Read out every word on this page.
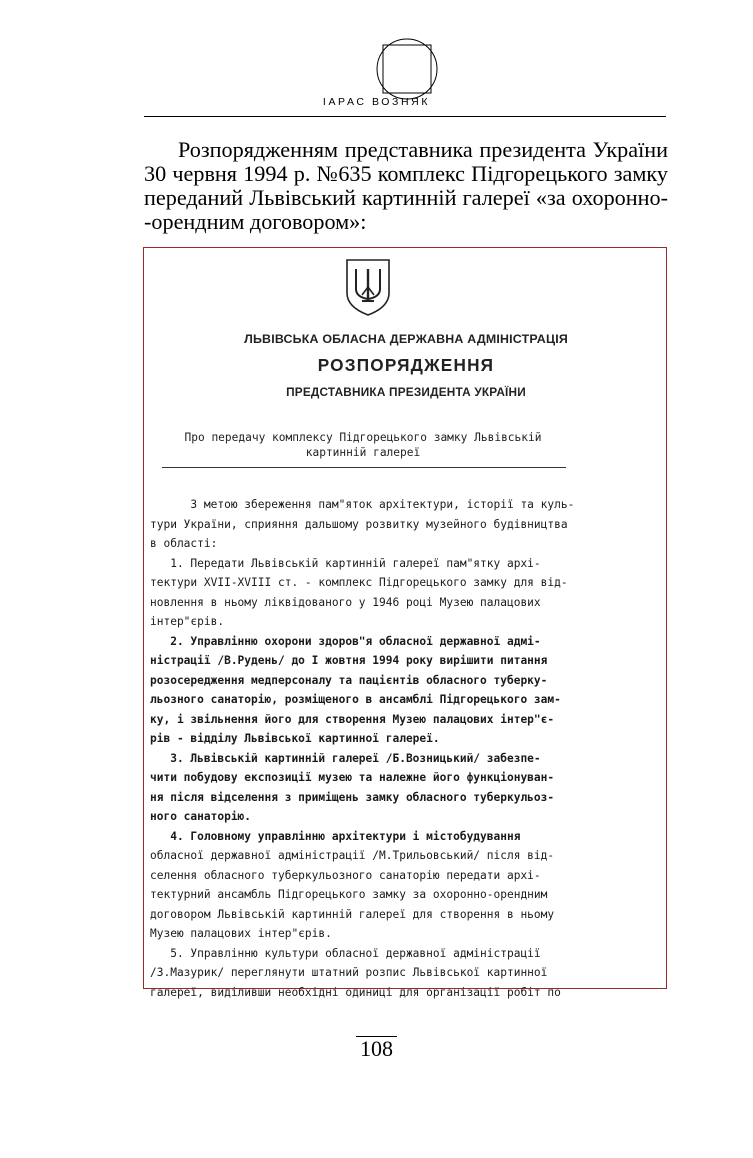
ІАРАС ВОЗНЯК
Розпорядженням представника президента України
30 червня 1994 р. №635 комплекс Підгорецького замку
переданий Львівський картинній галереї «за охоронно-
-орендним договором»:
ЛЬВІВСЬКА ОБЛАСНА ДЕРЖАВНА АДМІНІСТРАЦІЯ
РОЗПОРЯДЖЕННЯ
ПРЕДСТАВНИКА ПРЕЗИДЕНТА УКРАЇНИ
Про передачу комплексу Підгорецького замку Львівській
картинній галереї
З метою збереження пам"яток архітектури, історії та куль-
тури України, сприяння дальшому розвитку музейного будівництва
в області:
1. Передати Львівській картинній галереї пам"ятку архі-
тектури XVII-XVIII ст. - комплекс Підгорецького замку для від-
новлення в ньому ліквідованого у 1946 році Музею палацових
інтер"єрів.
2. Управлінню охорони здоров"я обласної державної адмі-
ністрації /В.Рудень/ до I жовтня 1994 року вирішити питання
розосередження медперсоналу та пацієнтів обласного туберку-
льозного санаторію, розміщеного в ансамблі Підгорецького зам-
ку, і звільнення його для створення Музею палацових інтер"є-
рів - відділу Львівської картинної галереї.
3. Львівській картинній галереї /Б.Возницький/ забезпе-
чити побудову експозиції музею та належне його функціонуван-
ня після відселення з приміщень замку обласного туберкульоз-
ного санаторію.
4. Головному управлінню архітектури і містобудування
обласної державної адміністрації /М.Трильовський/ після від-
селення обласного туберкульозного санаторію передати архі-
тектурний ансамбль Підгорецького замку за охоронно-орендним
договором Львівській картинній галереї для створення в ньому
Музею палацових інтер"єрів.
5. Управлінню культури обласної державної адміністрації
/З.Мазурик/ переглянути штатний розпис Львівської картинної
галереї, виділивши необхідні одиниці для організації робіт по
108
